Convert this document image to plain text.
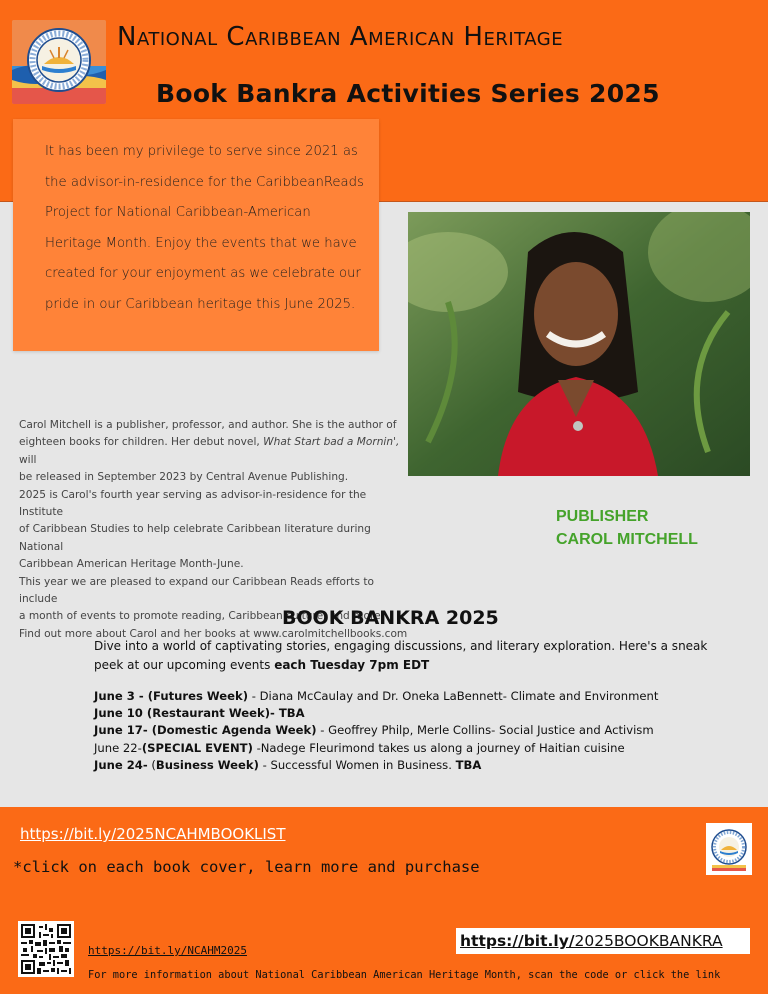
National Caribbean American Heritage
Book Bankra Activities Series 2025

It has been my privilege to serve since 2021 as the advisor-in-residence for the CaribbeanReads Project for National Caribbean-American Heritage Month. Enjoy the events that we have created for your enjoyment as we celebrate our pride in our Caribbean heritage this June 2025.

Carol Mitchell is a publisher, professor, and author. She is the author of
eighteen books for children. Her debut novel, What Start bad a Mornin', will
be released in September 2023 by Central Avenue Publishing.
2025 is Carol's fourth year serving as advisor-in-residence for the Institute
of Caribbean Studies to help celebrate Caribbean literature during National
Caribbean American Heritage Month-June.
This year we are pleased to expand our Caribbean Reads efforts to include
a month of events to promote reading, Caribbean culture, and more.
Find out more about Carol and her books at www.carolmitchellbooks.com
PUBLISHER
CAROL MITCHELL
BOOK BANKRA 2025
Dive into a world of captivating stories, engaging discussions, and literary exploration. Here's a sneak peek at our upcoming events each Tuesday 7pm EDT
June 3 - (Futures Week) - Diana McCaulay and Dr. Oneka LaBennett- Climate and Environment
June 10 (Restaurant Week)- TBA
June 17- (Domestic Agenda Week) - Geoffrey Philp, Merle Collins- Social Justice and Activism
June 22-(SPECIAL EVENT) -Nadege Fleurimond takes us along a journey of Haitian cuisine
June 24- (Business Week) - Successful Women in Business. TBA
https://bit.ly/2025NCAHMBOOKLIST
*click on each book cover, learn more and purchase
https://bit.ly/NCAHM2025
https://bit.ly/2025BOOKBANKRA
For more information about National Caribbean American Heritage Month, scan the code or click the link
